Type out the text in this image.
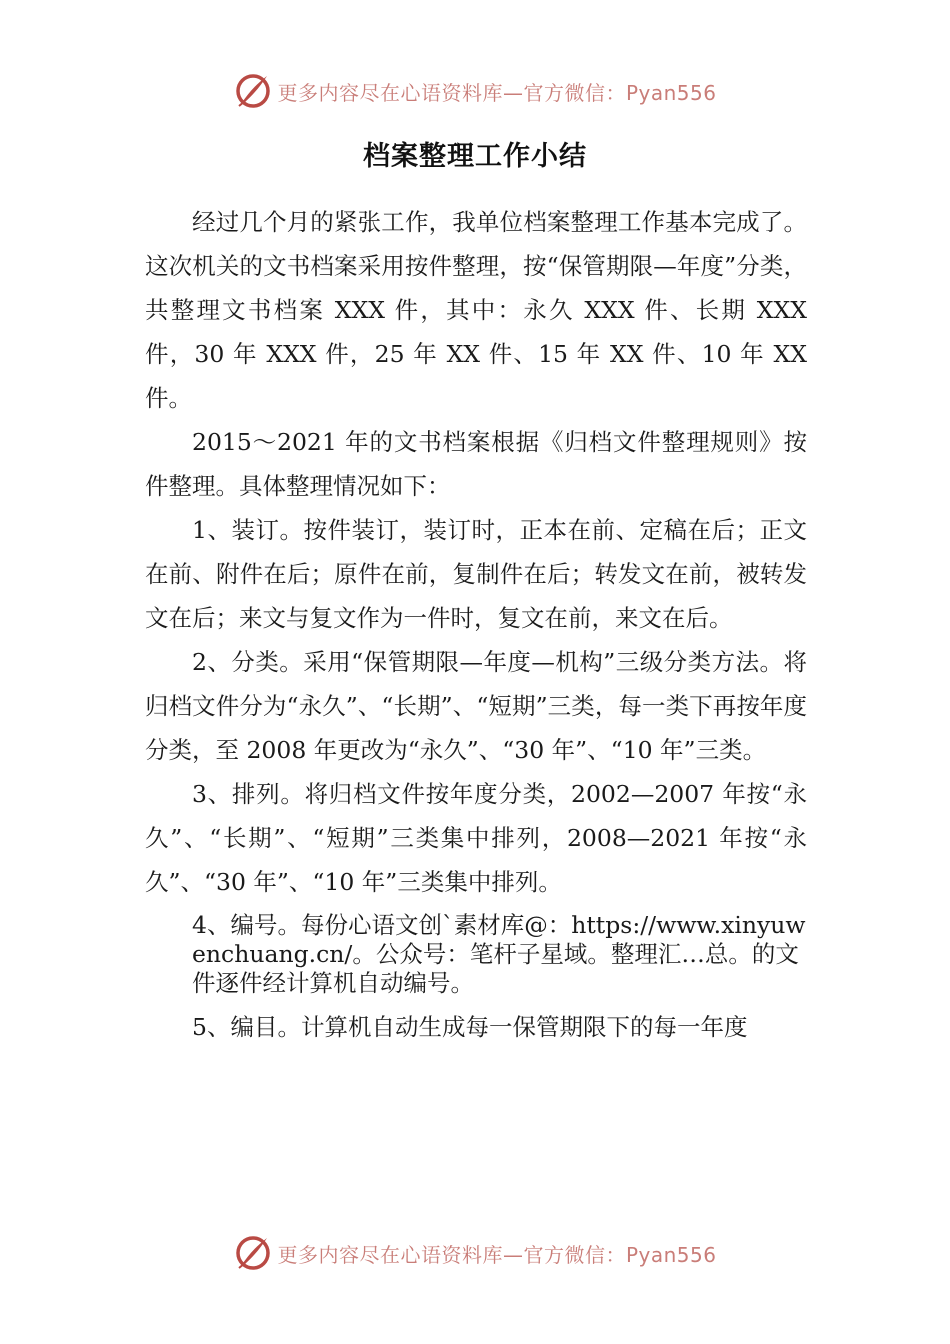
更多内容尽在心语资料库—官方微信：Pyan556
档案整理工作小结

经过几个月的紧张工作，我单位档案整理工作基本完成了。这次机关的文书档案采用按件整理，按“保管期限—年度”分类，共整理文书档案 XXX 件，其中：永久 XXX 件、长期 XXX 件，30 年 XXX 件，25 年 XX 件、15 年 XX 件、10 年 XX 件。

2015～2021 年的文书档案根据《归档文件整理规则》按件整理。具体整理情况如下：

1、装订。按件装订，装订时，正本在前、定稿在后；正文在前、附件在后；原件在前，复制件在后；转发文在前，被转发文在后；来文与复文作为一件时，复文在前，来文在后。

2、分类。采用“保管期限—年度—机构”三级分类方法。将归档文件分为“永久”、“长期”、“短期”三类，每一类下再按年度分类，至 2008 年更改为“永久”、“30 年”、“10 年”三类。

3、排列。将归档文件按年度分类，2002—2007 年按“永久”、“长期”、“短期”三类集中排列，2008—2021 年按“永久”、“30 年”、“10 年”三类集中排列。

4、编号。每份心语文创`素材库@：https://www.xinyuwenchuang.cn/。公众号：笔杆子星域。整理汇…总。的文件逐件经计算机自动编号。

5、编目。计算机自动生成每一保管期限下的每一年度

更多内容尽在心语资料库—官方微信：Pyan556
